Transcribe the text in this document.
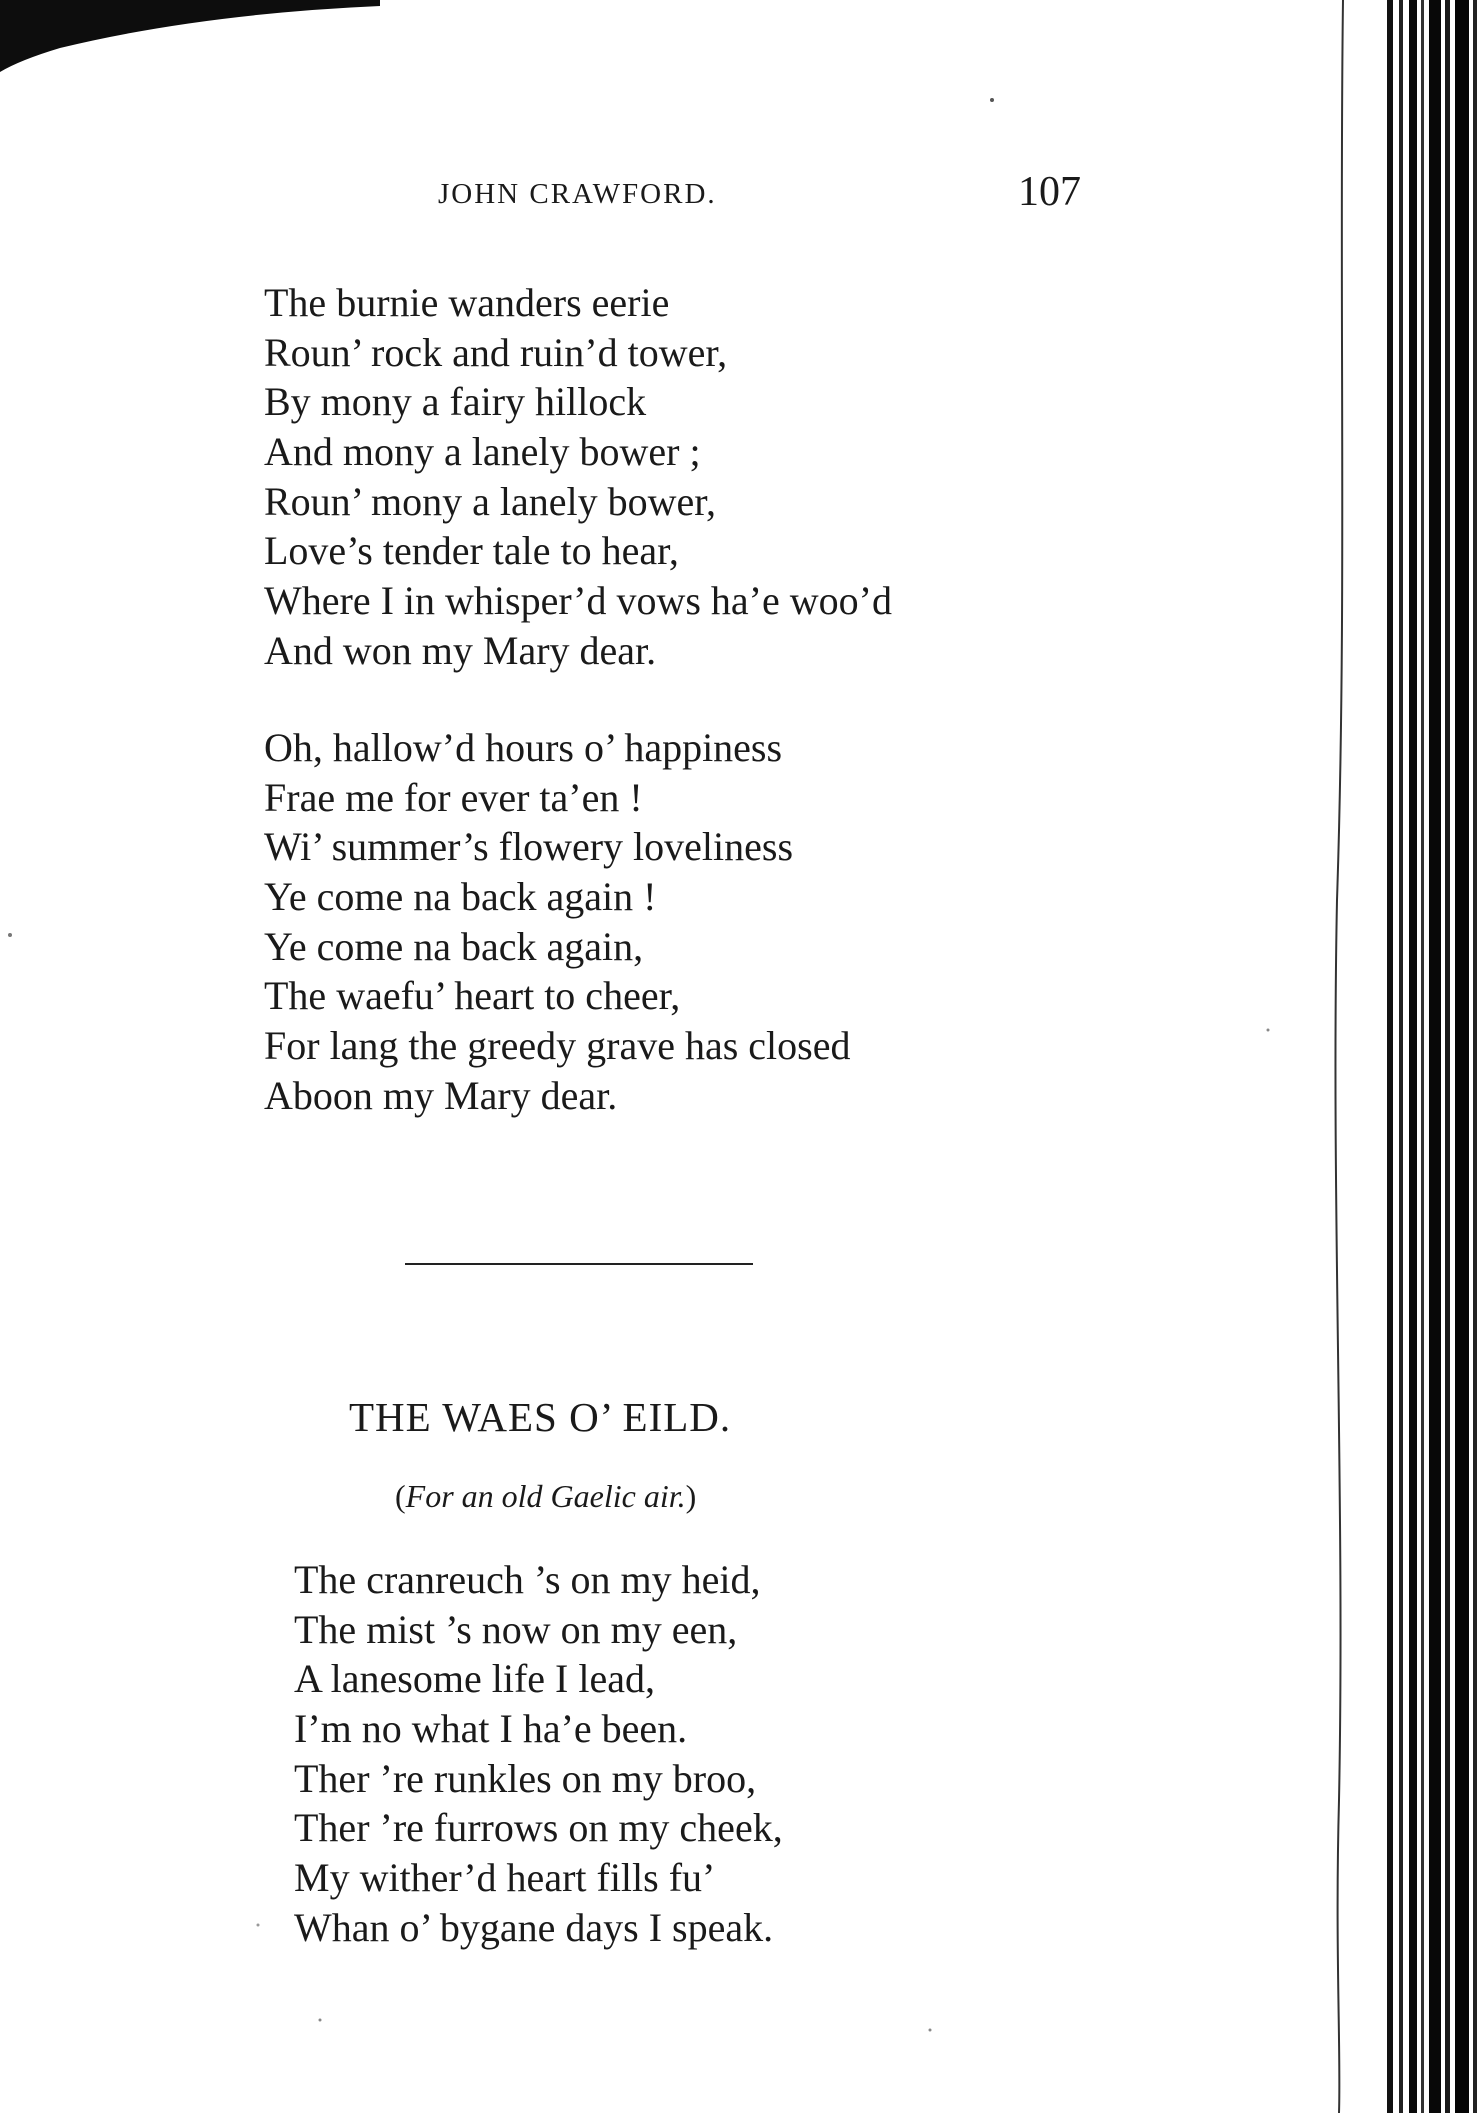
JOHN CRAWFORD.	107
The burnie wanders eerie
Roun’ rock and ruin’d tower,
By mony a fairy hillock
And mony a lanely bower ;
Roun’ mony a lanely bower,
Love’s tender tale to hear,
Where I in whisper’d vows ha’e woo’d
And won my Mary dear.
Oh, hallow’d hours o’ happiness
Frae me for ever ta’en !
Wi’ summer’s flowery loveliness
Ye come na back again !
Ye come na back again,
The waefu’ heart to cheer,
For lang the greedy grave has closed
Aboon my Mary dear.
THE WAES O’ EILD.
(For an old Gaelic air.)
The cranreuch ’s on my heid,
The mist ’s now on my een,
A lanesome life I lead,
I’m no what I ha’e been.
Ther ’re runkles on my broo,
Ther ’re furrows on my cheek,
My wither’d heart fills fu’
Whan o’ bygane days I speak.
